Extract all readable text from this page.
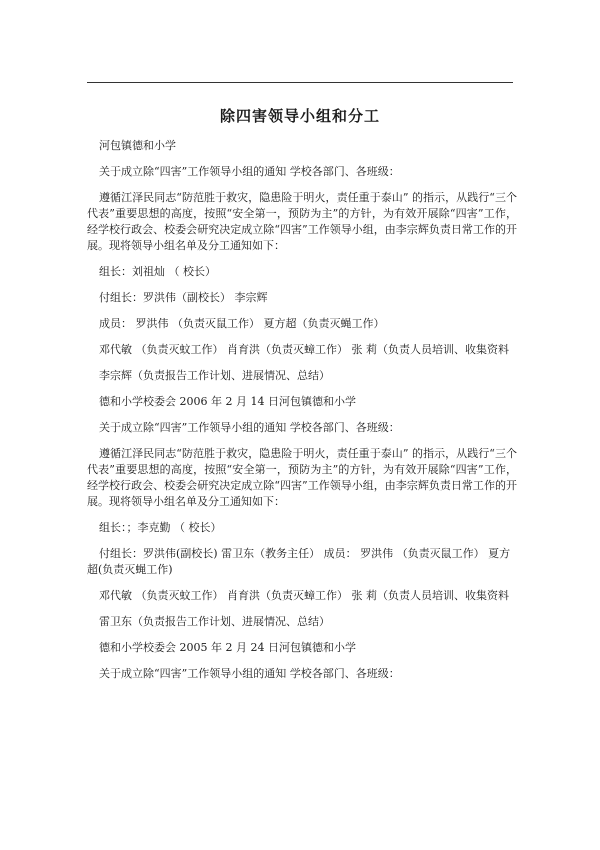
除四害领导小组和分工

河包镇德和小学

关于成立除“四害”工作领导小组的通知 学校各部门、各班级：

遵循江泽民同志“防范胜于救灾，隐患险于明火，责任重于泰山” 的指示，从践行“三个代表”重要思想的高度，按照“安全第一，预防为主”的方针，为有效开展除“四害”工作，经学校行政会、校委会研究决定成立除“四害”工作领导小组，由李宗辉负责日常工作的开展。现将领导小组名单及分工通知如下：

组长：刘祖灿 （ 校长）

付组长：罗洪伟（副校长） 李宗辉

成员： 罗洪伟 （负责灭鼠工作） 夏方超（负责灭蝇工作）

邓代敏 （负责灭蚊工作） 肖育洪（负责灭蟑工作） 张 莉（负责人员培训、收集资料

李宗辉（负责报告工作计划、进展情况、总结）

德和小学校委会 2006 年 2 月 14 日河包镇德和小学

关于成立除“四害”工作领导小组的通知 学校各部门、各班级：

遵循江泽民同志“防范胜于救灾，隐患险于明火，责任重于泰山” 的指示，从践行“三个代表”重要思想的高度，按照“安全第一，预防为主”的方针，为有效开展除“四害”工作，经学校行政会、校委会研究决定成立除“四害”工作领导小组，由李宗辉负责日常工作的开展。现将领导小组名单及分工通知如下：

组长：；李克勤 （ 校长）

付组长：罗洪伟(副校长) 雷卫东（教务主任） 成员： 罗洪伟 （负责灭鼠工作） 夏方超(负责灭蝇工作)

邓代敏 （负责灭蚊工作） 肖育洪（负责灭蟑工作） 张 莉（负责人员培训、收集资料

雷卫东（负责报告工作计划、进展情况、总结）

德和小学校委会 2005 年 2 月 24 日河包镇德和小学

关于成立除“四害”工作领导小组的通知 学校各部门、各班级：
